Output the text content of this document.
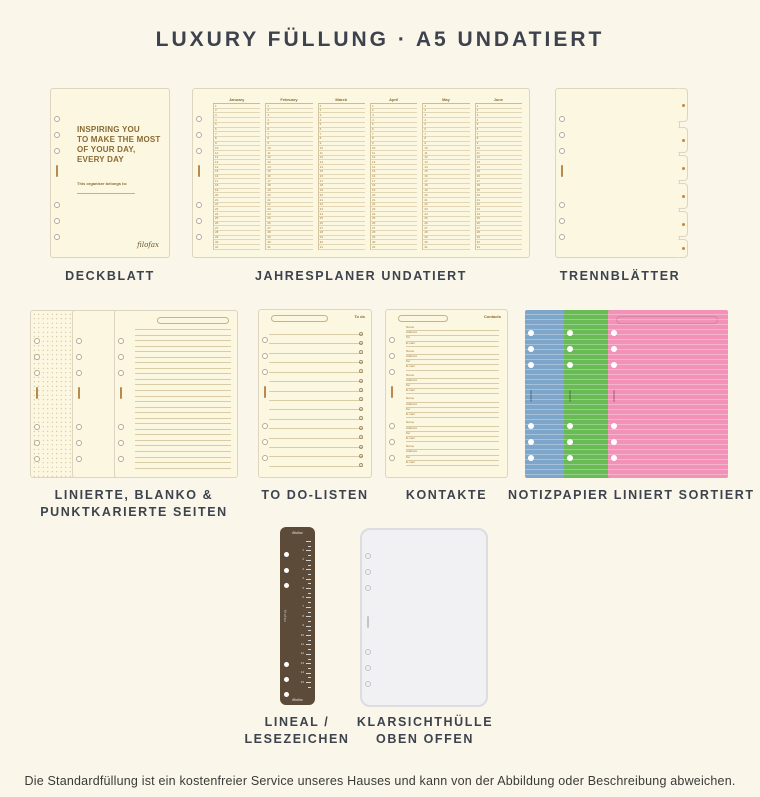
LUXURY FÜLLUNG · A5 UNDATIERT
INSPIRING YOU
TO MAKE THE MOST
OF YOUR DAY,
EVERY DAY
This organiser belongs to:
filofax
DECKBLATT
January
1
2
3
4
5
6
7
8
9
10
11
12
13
14
15
16
17
18
19
20
21
22
23
24
25
26
27
28
29
30
31
February
1
2
3
4
5
6
7
8
9
10
11
12
13
14
15
16
17
18
19
20
21
22
23
24
25
26
27
28
29
30
31
March
1
2
3
4
5
6
7
8
9
10
11
12
13
14
15
16
17
18
19
20
21
22
23
24
25
26
27
28
29
30
31
April
1
2
3
4
5
6
7
8
9
10
11
12
13
14
15
16
17
18
19
20
21
22
23
24
25
26
27
28
29
30
31
May
1
2
3
4
5
6
7
8
9
10
11
12
13
14
15
16
17
18
19
20
21
22
23
24
25
26
27
28
29
30
31
June
1
2
3
4
5
6
7
8
9
10
11
12
13
14
15
16
17
18
19
20
21
22
23
24
25
26
27
28
29
30
31
JAHRESPLANER UNDATIERT	TRENNBLÄTTER
LINIERTE, BLANKO &
PUNKTKARIERTE SEITEN
To do
TO DO-LISTEN
Contacts
Name
Address
Tel
E-mail
Name
Address
Tel
E-mail
Name
Address
Tel
E-mail
Name
Address
Tel
E-mail
Name
Address
Tel
E-mail
Name
Address
Tel
E-mail
KONTAKTE	NOTIZPAPIER LINIERT SORTIERT
filofax
filofax
filofax
1
2
3
4
5
6
7
8
9
10
11
12
13
14
15
LINEAL /
LESEZEICHEN
KLARSICHTHÜLLE
OBEN OFFEN
Die Standardfüllung ist ein kostenfreier Service unseres Hauses und kann von der Abbildung oder Beschreibung abweichen.
